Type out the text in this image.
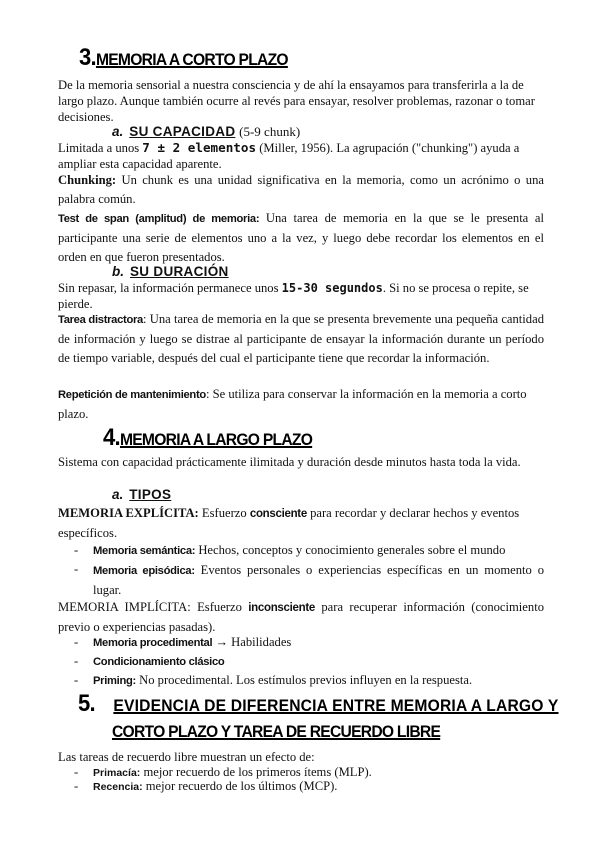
3.MEMORIA A CORTO PLAZO
De la memoria sensorial a nuestra consciencia y de ahí la ensayamos para transferirla a la de largo plazo. Aunque también ocurre al revés para ensayar, resolver problemas, razonar o tomar decisiones.
a. SU CAPACIDAD (5-9 chunk)
Limitada a unos 7 ± 2 elementos (Miller, 1956). La agrupación ("chunking") ayuda a ampliar esta capacidad aparente.
Chunking: Un chunk es una unidad significativa en la memoria, como un acrónimo o una palabra común.
Test de span (amplitud) de memoria: Una tarea de memoria en la que se le presenta al participante una serie de elementos uno a la vez, y luego debe recordar los elementos en el orden en que fueron presentados.
b. SU DURACIÓN
Sin repasar, la información permanece unos 15-30 segundos. Si no se procesa o repite, se pierde.
Tarea distractora: Una tarea de memoria en la que se presenta brevemente una pequeña cantidad de información y luego se distrae al participante de ensayar la información durante un período de tiempo variable, después del cual el participante tiene que recordar la información.
Repetición de mantenimiento: Se utiliza para conservar la información en la memoria a corto plazo.
4.MEMORIA A LARGO PLAZO
Sistema con capacidad prácticamente ilimitada y duración desde minutos hasta toda la vida.
a. TIPOS
MEMORIA EXPLÍCITA: Esfuerzo consciente para recordar y declarar hechos y eventos específicos.
- Memoria semántica: Hechos, conceptos y conocimiento generales sobre el mundo
- Memoria episódica: Eventos personales o experiencias específicas en un momento o lugar.
MEMORIA IMPLÍCITA: Esfuerzo inconsciente para recuperar información (conocimiento previo o experiencias pasadas).
- Memoria procedimental → Habilidades
- Condicionamiento clásico
- Priming: No procedimental. Los estímulos previos influyen en la respuesta.
5. EVIDENCIA DE DIFERENCIA ENTRE MEMORIA A LARGO Y
CORTO PLAZO Y TAREA DE RECUERDO LIBRE
Las tareas de recuerdo libre muestran un efecto de:
- Primacía: mejor recuerdo de los primeros ítems (MLP).
- Recencia: mejor recuerdo de los últimos (MCP).
